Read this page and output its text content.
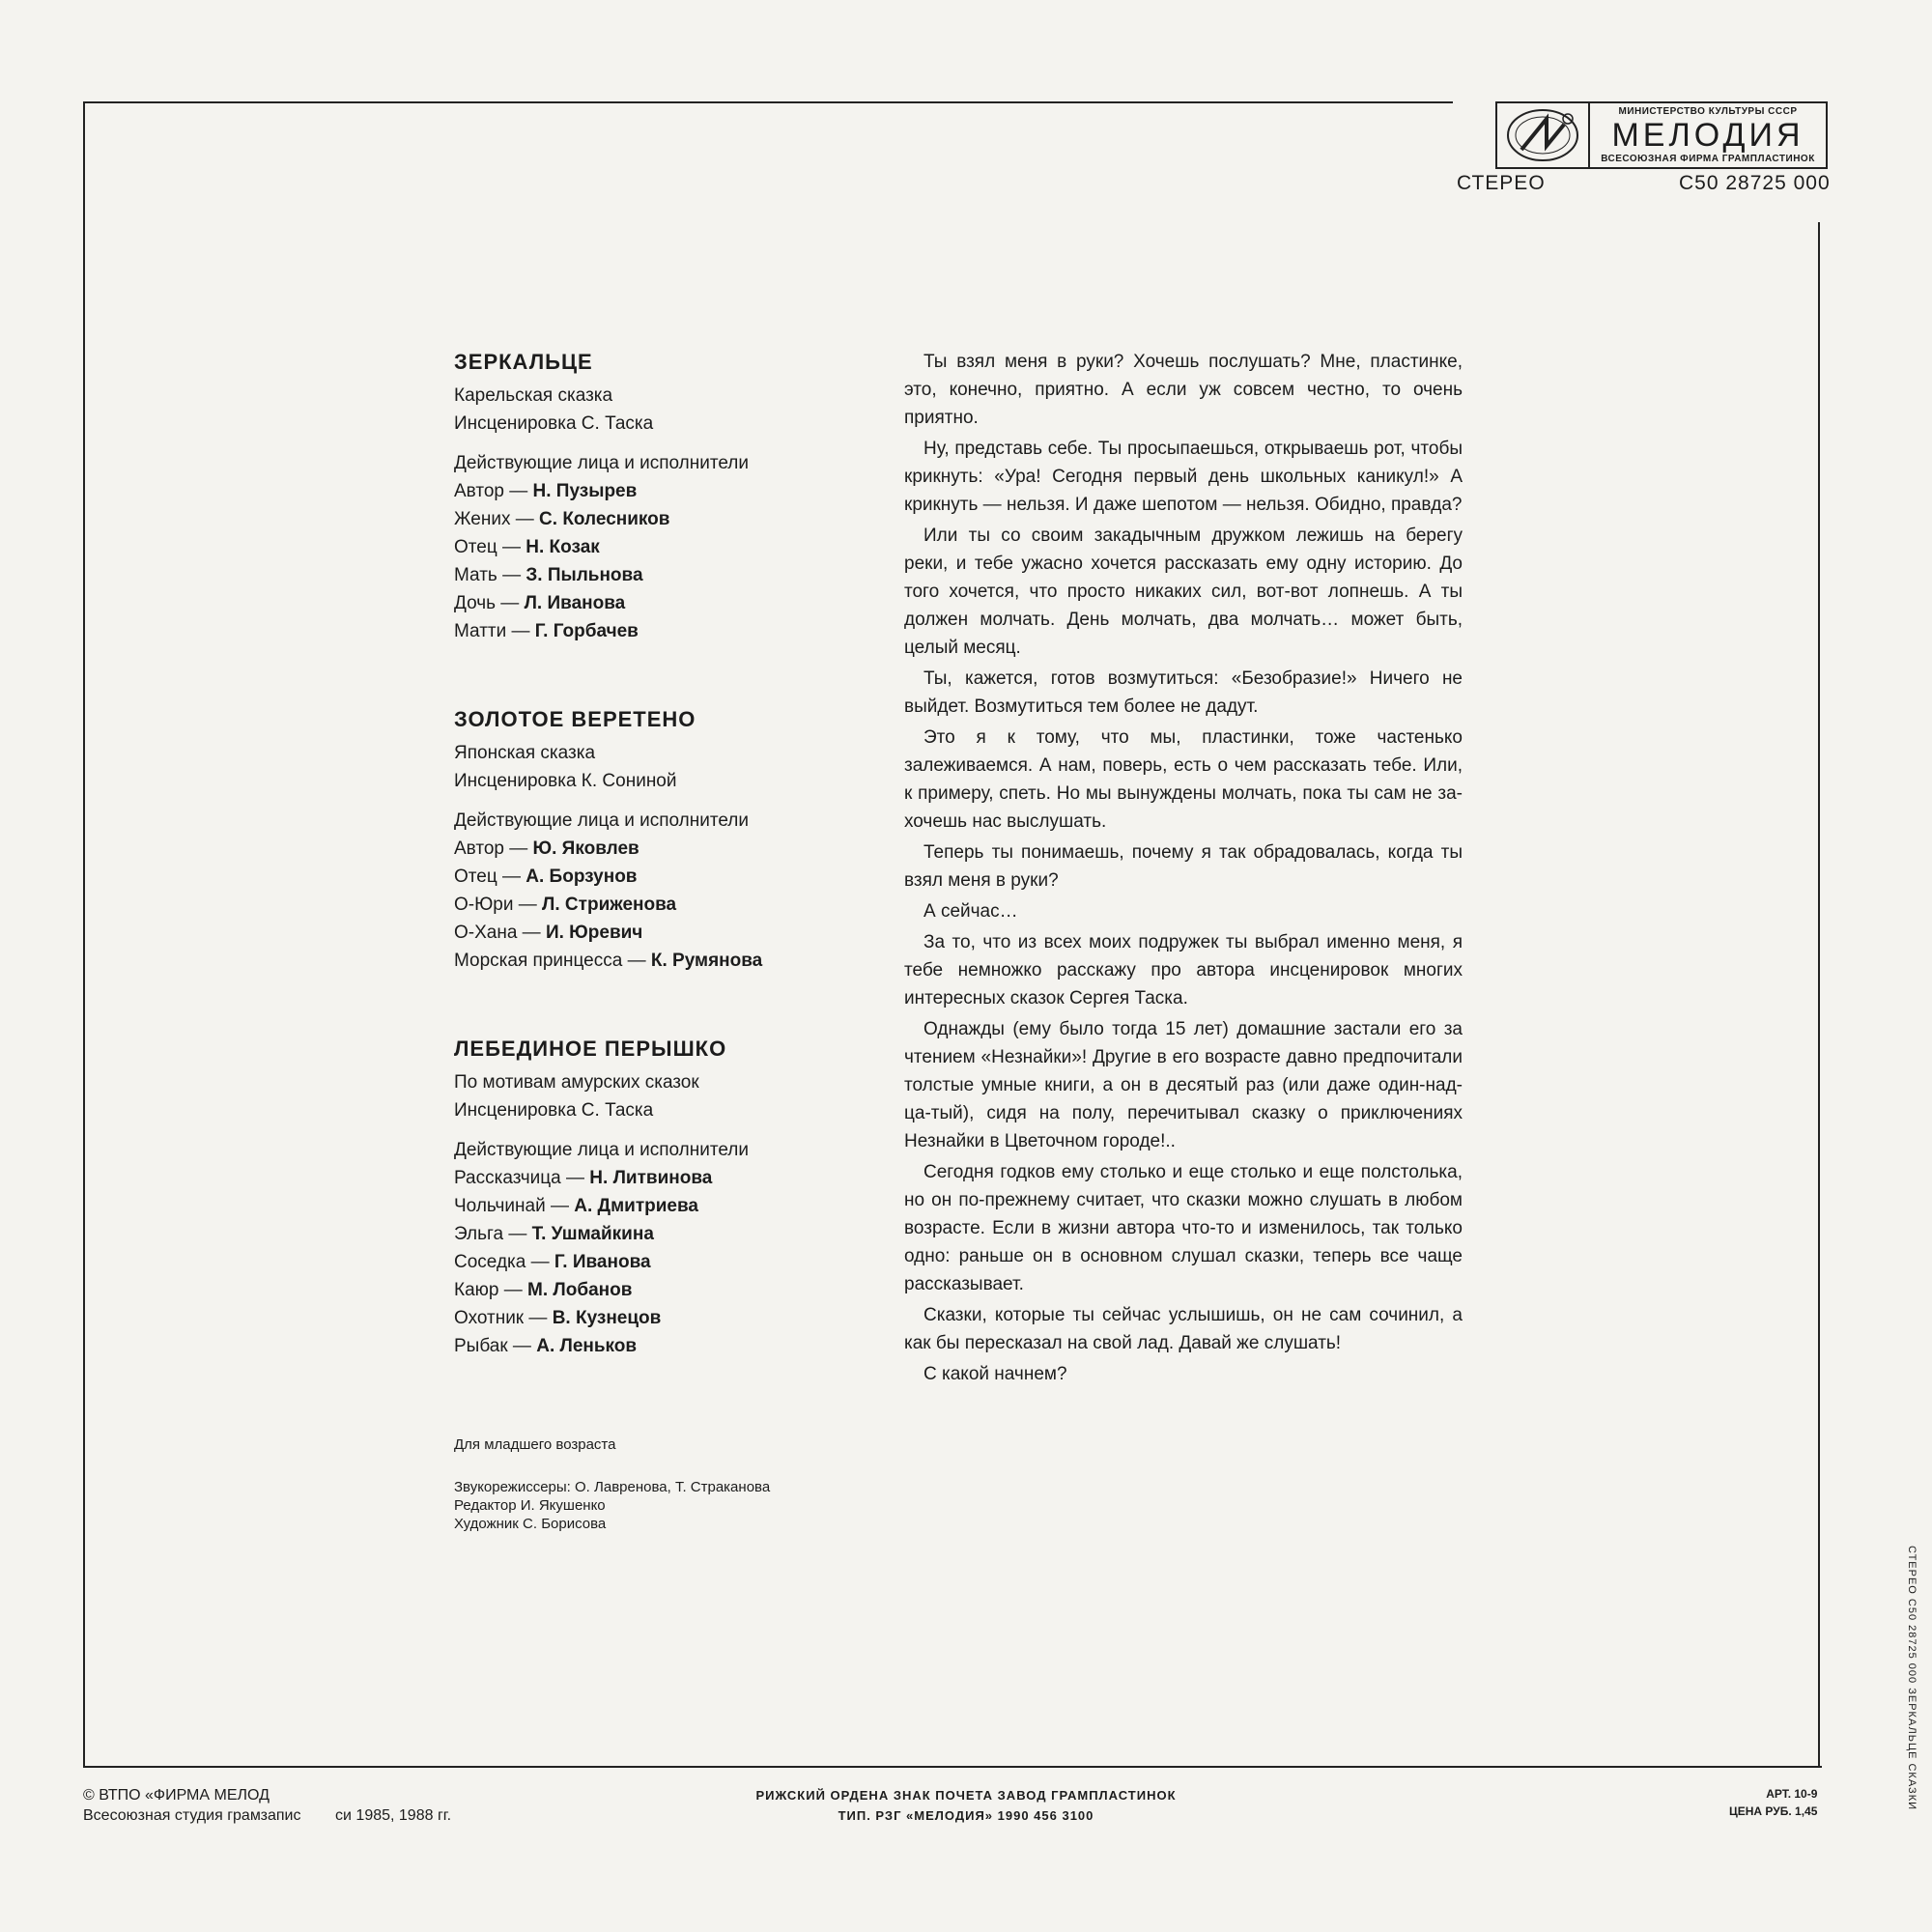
МИНИСТЕРСТВО КУЛЬТУРЫ СССР
МЕЛОДИЯ
ВСЕСОЮЗНАЯ ФИРМА ГРАМПЛАСТИНОК
СТЕРЕО	С50 28725 000
ЗЕРКАЛЬЦЕ
Карельская сказка
Инсценировка С. Таска
Действующие лица и исполнители
Автор — Н. Пузырев
Жених — С. Колесников
Отец — Н. Козак
Мать — З. Пыльнова
Дочь — Л. Иванова
Матти — Г. Горбачев
ЗОЛОТОЕ ВЕРЕТЕНО
Японская сказка
Инсценировка К. Сониной
Действующие лица и исполнители
Автор — Ю. Яковлев
Отец — А. Борзунов
О-Юри — Л. Стриженова
О-Хана — И. Юревич
Морская принцесса — К. Румянова
ЛЕБЕДИНОЕ ПЕРЫШКО
По мотивам амурских сказок
Инсценировка С. Таска
Действующие лица и исполнители
Рассказчица — Н. Литвинова
Чольчинай — А. Дмитриева
Эльга — Т. Ушмайкина
Соседка — Г. Иванова
Каюр — М. Лобанов
Охотник — В. Кузнецов
Рыбак — А. Леньков
Для младшего возраста
Звукорежиссеры: О. Лавренова, Т. Страканова
Редактор И. Якушенко
Художник С. Борисова

Ты взял меня в руки? Хочешь послушать? Мне, пластинке, это, конечно, приятно. А если уж совсем честно, то очень приятно.

Ну, представь себе. Ты просыпаешься, открываешь рот, чтобы крикнуть: «Ура! Сегодня первый день школьных каникул!» А крикнуть — нельзя. И даже шепотом — нельзя. Обидно, правда?

Или ты со своим закадычным дружком лежишь на берегу реки, и тебе ужасно хочется рассказать ему одну историю. До того хочется, что просто никаких сил, вот-вот лопнешь. А ты должен молчать. День молчать, два молчать… может быть, целый месяц.

Ты, кажется, готов возмутиться: «Безобразие!» Ничего не выйдет. Возмутиться тем более не дадут.

Это я к тому, что мы, пластинки, тоже частенько залеживаемся. А нам, поверь, есть о чем рассказать тебе. Или, к примеру, спеть. Но мы вынуждены молчать, пока ты сам не захочешь нас выслушать.

Теперь ты понимаешь, почему я так обрадовалась, когда ты взял меня в руки?

А сейчас…

За то, что из всех моих подружек ты выбрал именно меня, я тебе немножко расскажу про автора инсценировок многих интересных сказок Сергея Таска.

Однажды (ему было тогда 15 лет) домашние застали его за чтением «Незнайки»! Другие в его возрасте давно предпочитали толстые умные книги, а он в десятый раз (или даже один-над-ца-тый), сидя на полу, перечитывал сказку о приключениях Незнайки в Цветочном городе!..

Сегодня годков ему столько и еще столько и еще полстолька, но он по-прежнему считает, что сказки можно слушать в любом возрасте. Если в жизни автора что-то и изменилось, так только одно: раньше он в основном слушал сказки, теперь все чаще рассказывает.

Сказки, которые ты сейчас услышишь, он не сам сочинил, а как бы пересказал на свой лад. Давай же слушать!

С какой начнем?

© ВТПО «ФИРМА МЕЛОД
Всесоюзная студия грамзапис        си 1985, 1988 гг.
РИЖСКИЙ ОРДЕНА ЗНАК ПОЧЕТА ЗАВОД ГРАМПЛАСТИНОК
ТИП. РЗГ «МЕЛОДИЯ» 1990 456 3100
АРТ. 10-9
ЦЕНА РУБ. 1,45
СТЕРЕО С50 28725 000 ЗЕРКАЛЬЦЕ СКАЗКИ
